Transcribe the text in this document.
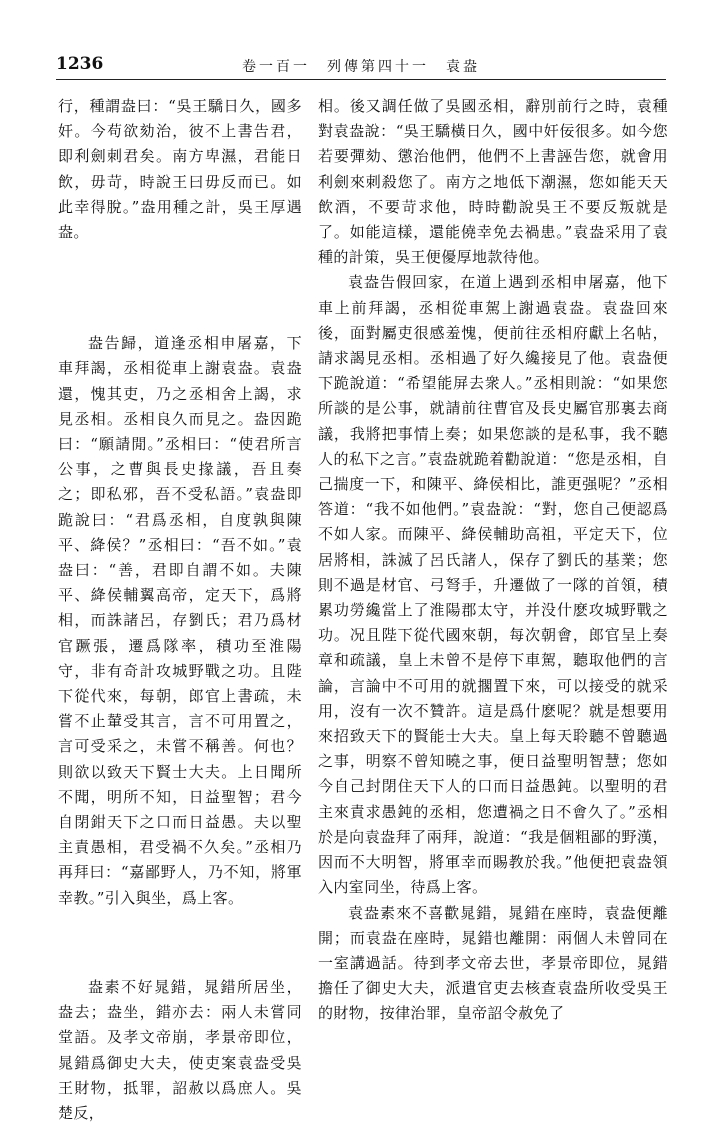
1236	卷一百一　列傳第四十一　袁盎

行，種謂盎曰：“吳王驕日久，國多奸。今苟欲劾治，彼不上書告君，即利劍刺君矣。南方卑濕，君能日飲，毋苛，時說王曰毋反而已。如此幸得脫。”盎用種之計，吳王厚遇盎。

盎告歸，道逢丞相申屠嘉，下車拜謁，丞相從車上謝袁盎。袁盎還，愧其吏，乃之丞相舍上謁，求見丞相。丞相良久而見之。盎因跪曰：“願請閒。”丞相曰：“使君所言公事，之曹與長史掾議，吾且奏之；即私邪，吾不受私語。”袁盎即跪說曰：“君爲丞相，自度孰與陳平、絳侯？”丞相曰：“吾不如。”袁盎曰：“善，君即自謂不如。夫陳平、絳侯輔翼高帝，定天下，爲將相，而誅諸呂，存劉氏；君乃爲材官蹶張，遷爲隊率，積功至淮陽守，非有奇計攻城野戰之功。且陛下從代來，每朝，郎官上書疏，未嘗不止輦受其言，言不可用置之，言可受采之，未嘗不稱善。何也？則欲以致天下賢士大夫。上日聞所不聞，明所不知，日益聖智；君今自閉鉗天下之口而日益愚。夫以聖主責愚相，君受禍不久矣。”丞相乃再拜曰：“嘉鄙野人，乃不知，將軍幸教。”引入與坐，爲上客。

盎素不好晁錯，晁錯所居坐，盎去；盎坐，錯亦去：兩人未嘗同堂語。及孝文帝崩，孝景帝即位，晁錯爲御史大夫，使吏案袁盎受吳王財物，抵罪，詔赦以爲庶人。吳楚反，

相。後又調任做了吳國丞相，辭別前行之時，袁種對袁盎說：“吳王驕橫日久，國中奸佞很多。如今您若要彈劾、懲治他們，他們不上書誣告您，就會用利劍來刺殺您了。南方之地低下潮濕，您如能天天飲酒，不要苛求他，時時勸說吳王不要反叛就是了。如能這樣，還能僥幸免去禍患。”袁盎采用了袁種的計策，吳王便優厚地款待他。

袁盎告假回家，在道上遇到丞相申屠嘉，他下車上前拜謁，丞相從車駕上謝過袁盎。袁盎回來後，面對屬吏很感羞愧，便前往丞相府獻上名帖，請求謁見丞相。丞相過了好久纔接見了他。袁盎便下跪說道：“希望能屏去衆人。”丞相則說：“如果您所談的是公事，就請前往曹官及長史屬官那裏去商議，我將把事情上奏；如果您談的是私事，我不聽人的私下之言。”袁盎就跪着勸說道：“您是丞相，自己揣度一下，和陳平、絳侯相比，誰更强呢？”丞相答道：“我不如他們。”袁盎說：“對，您自己便認爲不如人家。而陳平、絳侯輔助高祖，平定天下，位居將相，誅滅了呂氏諸人，保存了劉氏的基業；您則不過是材官、弓弩手，升遷做了一隊的首領，積累功勞纔當上了淮陽郡太守，并没什麽攻城野戰之功。况且陛下從代國來朝，每次朝會，郎官呈上奏章和疏議，皇上未曾不是停下車駕，聽取他們的言論，言論中不可用的就擱置下來，可以接受的就采用，沒有一次不贊許。這是爲什麽呢？就是想要用來招致天下的賢能士大夫。皇上每天聆聽不曾聽過之事，明察不曾知曉之事，便日益聖明智慧；您如今自己封閉住天下人的口而日益愚鈍。以聖明的君主來責求愚鈍的丞相，您遭禍之日不會久了。”丞相於是向袁盎拜了兩拜，說道：“我是個粗鄙的野漢，因而不大明智，將軍幸而賜教於我。”他便把袁盎領入内室同坐，待爲上客。

袁盎素來不喜歡晁錯，晁錯在座時，袁盎便離開；而袁盎在座時，晁錯也離開：兩個人未曾同在一室講過話。待到孝文帝去世，孝景帝即位，晁錯擔任了御史大夫，派遣官吏去核查袁盎所收受吳王的財物，按律治罪，皇帝詔令赦免了
